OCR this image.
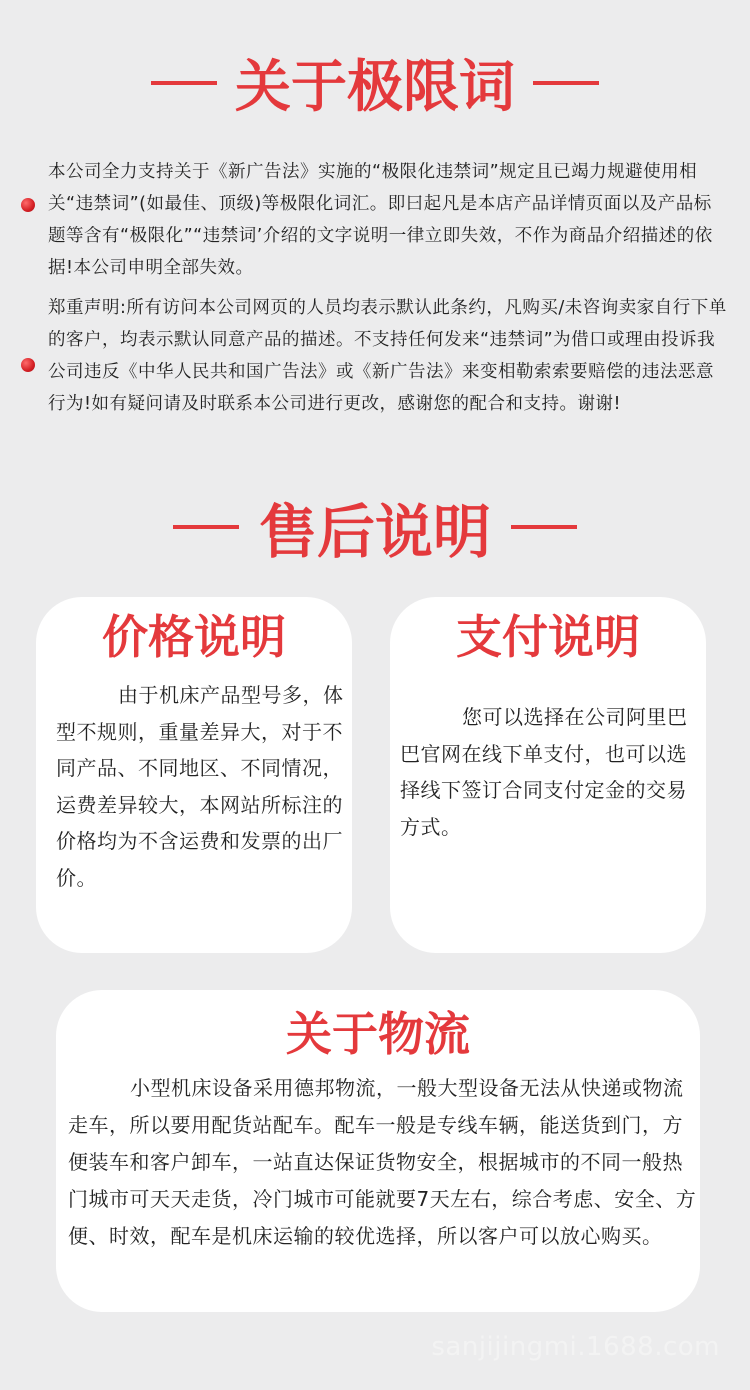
关于极限词
本公司全力支持关于《新广告法》实施的“极限化违禁词”规定且已竭力规避使用相关“违禁词”(如最佳、顶级)等极限化词汇。即曰起凡是本店产品详情页面以及产品标题等含有“极限化”“违禁词’介绍的文字说明一律立即失效，不作为商品介绍描述的依据!本公司申明全部失效。
郑重声明:所有访问本公司网页的人员均表示默认此条约，凡购买/未咨询卖家自行下单的客户，均表示默认同意产品的描述。不支持任何发来“违禁词”为借口或理由投诉我公司违反《中华人民共和国广告法》或《新广告法》来变相勒索索要赔偿的违法恶意行为!如有疑问请及时联系本公司进行更改，感谢您的配合和支持。谢谢!
售后说明
价格说明
由于机床产品型号多，体型不规则，重量差异大，对于不同产品、不同地区、不同情况，运费差异较大，本网站所标注的价格均为不含运费和发票的出厂价。
支付说明
您可以选择在公司阿里巴巴官网在线下单支付，也可以选择线下签订合同支付定金的交易方式。
关于物流
小型机床设备采用德邦物流，一般大型设备无法从快递或物流走车，所以要用配货站配车。配车一般是专线车辆，能送货到门，方便装车和客户卸车，一站直达保证货物安全，根据城市的不同一般热门城市可天天走货，冷门城市可能就要7天左右，综合考虑、安全、方便、时效，配车是机床运输的较优选择，所以客户可以放心购买。
sanjijingmi.1688.com
